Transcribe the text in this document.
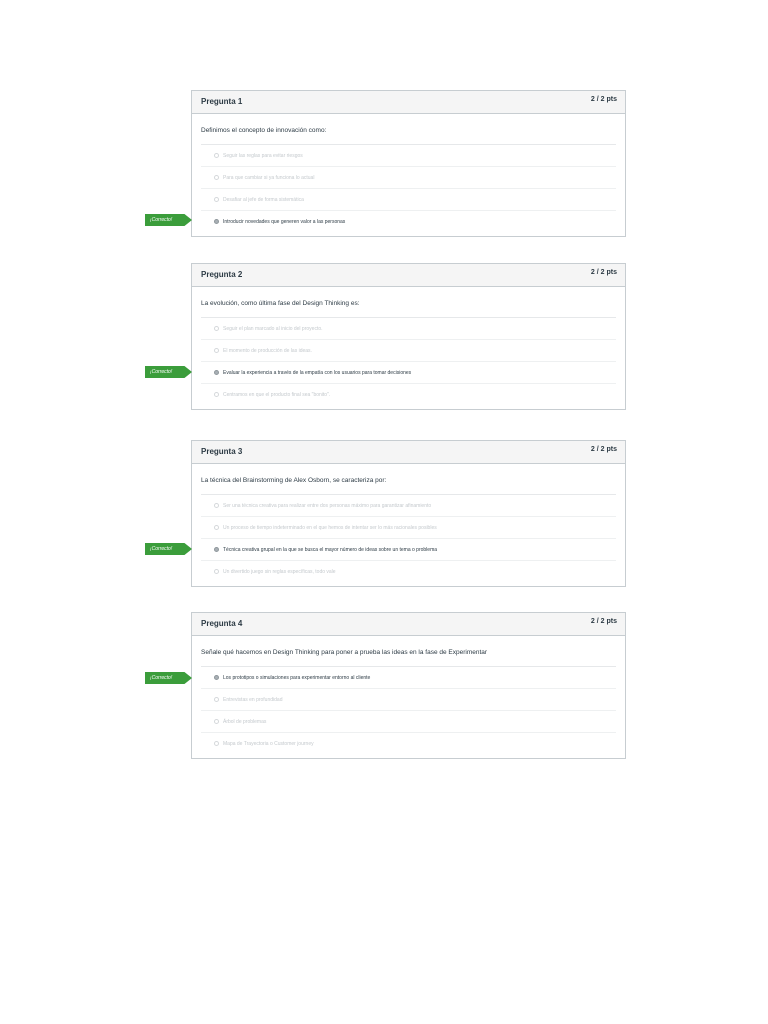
Pregunta 1	2 / 2 pts
Definimos el concepto de innovación como:
Seguir las reglas para evitar riesgos
Para que cambiar si ya funciona lo actual
Desafiar al jefe de forma sistemática
Introducir novedades que generen valor a las personas
¡Correcto!
Pregunta 2	2 / 2 pts
La evolución, como última fase del Design Thinking es:
Seguir el plan marcado al inicio del proyecto.
El momento de producción de las ideas.
Evaluar la experiencia a través de la empatía con los usuarios para tomar decisiones
Centramos en que el producto final sea "bonito".
¡Correcto!
Pregunta 3	2 / 2 pts
La técnica del Brainstorming de Alex Osborn, se caracteriza por:
Ser una técnica creativa para realizar entre dos personas máximo para garantizar afinamiento
Un proceso de tiempo indeterminado en el que hemos de intentar ser lo más racionales posibles
Técnica creativa grupal en la que se busca el mayor número de ideas sobre un tema o problema
Un divertido juego sin reglas específicas, todo vale
¡Correcto!
Pregunta 4	2 / 2 pts
Señale qué hacemos en Design Thinking para poner a prueba las ideas en la fase de Experimentar
Los prototipos o simulaciones para experimentar entorno al cliente
Entrevistas en profundidad
Árbol de problemas
Mapa de Trayectoria o Customer journey
¡Correcto!
